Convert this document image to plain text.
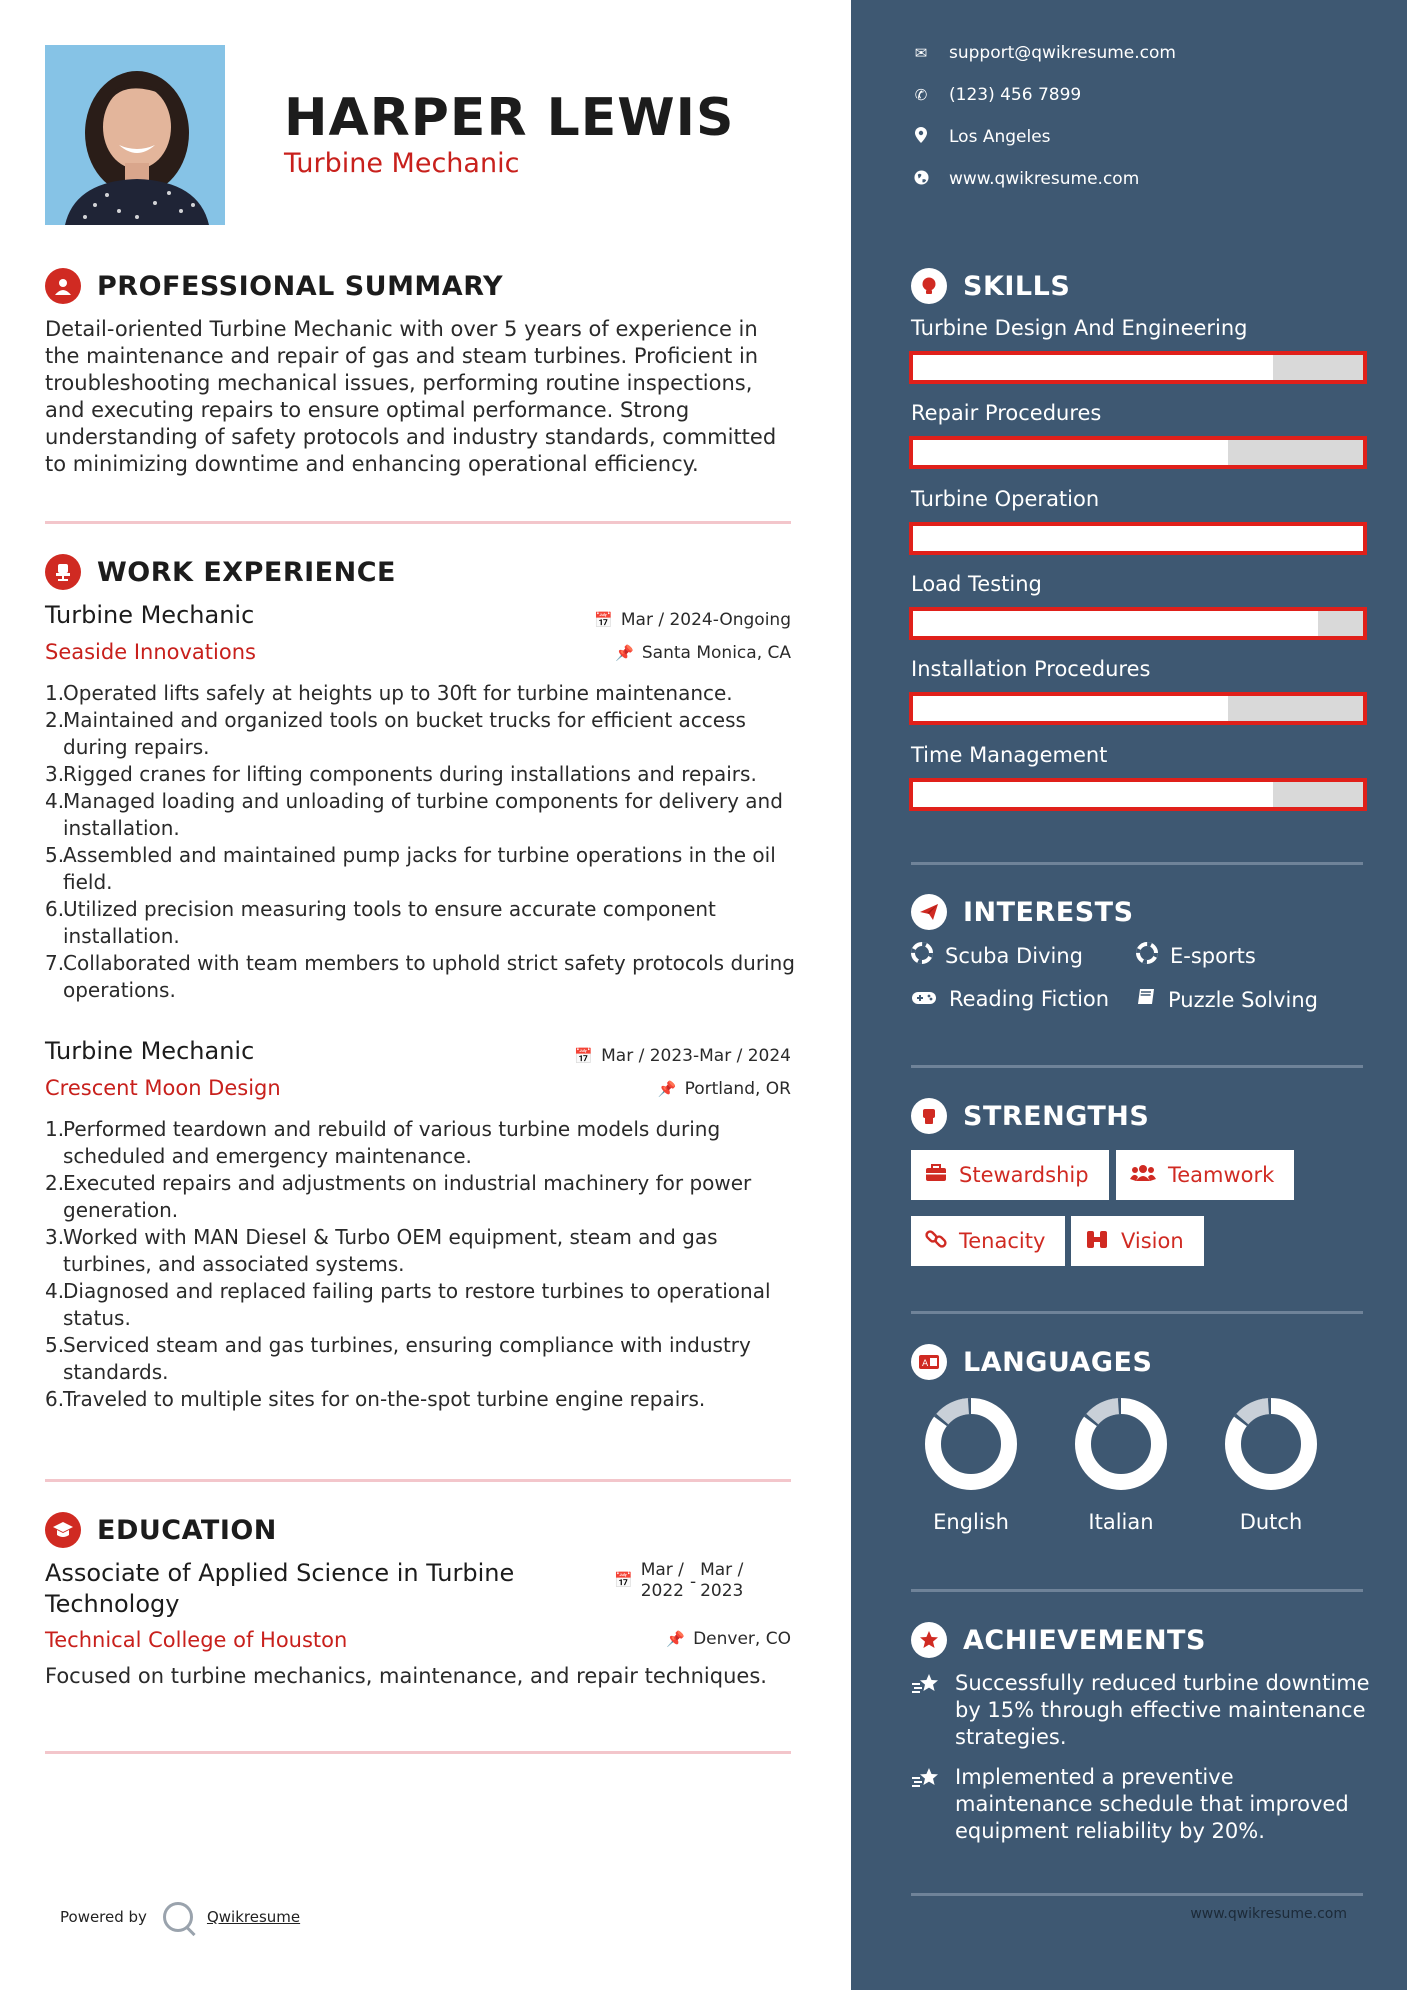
HARPER LEWIS
Turbine Mechanic
PROFESSIONAL SUMMARY
Detail-oriented Turbine Mechanic with over 5 years of experience in the maintenance and repair of gas and steam turbines. Proficient in troubleshooting mechanical issues, performing routine inspections, and executing repairs to ensure optimal performance. Strong understanding of safety protocols and industry standards, committed to minimizing downtime and enhancing operational efficiency.
WORK EXPERIENCE
Turbine Mechanic	📅 Mar / 2024-Ongoing
Seaside Innovations	📌 Santa Monica, CA
1.
Operated lifts safely at heights up to 30ft for turbine maintenance.
2.
Maintained and organized tools on bucket trucks for efficient access during repairs.
3.
Rigged cranes for lifting components during installations and repairs.
4.
Managed loading and unloading of turbine components for delivery and installation.
5.
Assembled and maintained pump jacks for turbine operations in the oil field.
6.
Utilized precision measuring tools to ensure accurate component installation.
7.
Collaborated with team members to uphold strict safety protocols during operations.
Turbine Mechanic	📅 Mar / 2023-Mar / 2024
Crescent Moon Design	📌 Portland, OR
1.
Performed teardown and rebuild of various turbine models during scheduled and emergency maintenance.
2.
Executed repairs and adjustments on industrial machinery for power generation.
3.
Worked with MAN Diesel & Turbo OEM equipment, steam and gas turbines, and associated systems.
4.
Diagnosed and replaced failing parts to restore turbines to operational status.
5.
Serviced steam and gas turbines, ensuring compliance with industry standards.
6.
Traveled to multiple sites for on-the-spot turbine engine repairs.
EDUCATION
Associate of Applied Science in Turbine Technology
📅 Mar /
2022 -
Mar /
2023
Technical College of Houston	📌 Denver, CO
Focused on turbine mechanics, maintenance, and repair techniques.
Powered by	Qwikresume
✉ support@qwikresume.com
✆ (123) 456 7899
Los Angeles
www.qwikresume.com
SKILLS
Turbine Design And Engineering
Repair Procedures
Turbine Operation
Load Testing
Installation Procedures
Time Management
INTERESTS
Scuba Diving	E-sports
Reading Fiction	Puzzle Solving
STRENGTHS
Stewardship	Teamwork
Tenacity	Vision
A LANGUAGES
English	Italian	Dutch
ACHIEVEMENTS
Successfully reduced turbine downtime by 15% through effective maintenance strategies.
Implemented a preventive maintenance schedule that improved equipment reliability by 20%.
www.qwikresume.com
